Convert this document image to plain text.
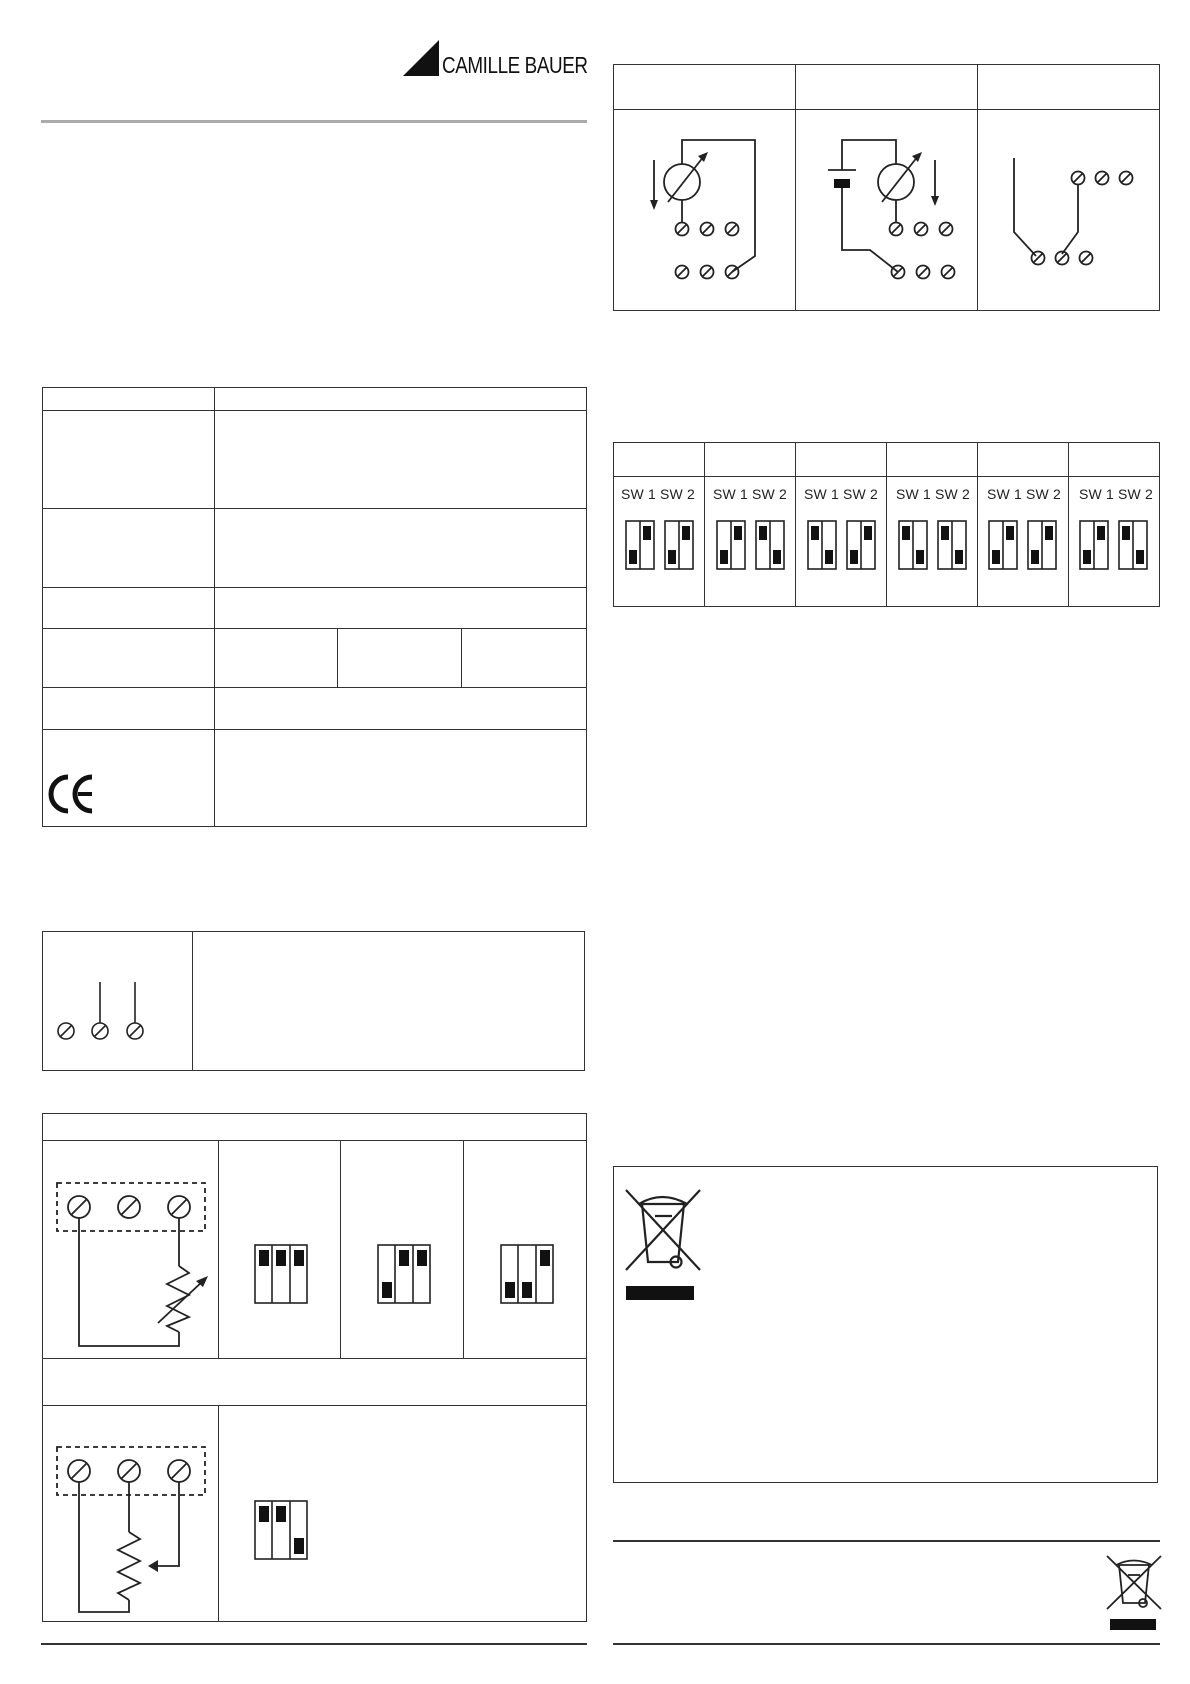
CAMILLE BAUER
SW 1 SW 2 SW 1 SW 2 SW 1 SW 2 SW 1 SW 2 SW 1 SW 2 SW 1 SW 2
